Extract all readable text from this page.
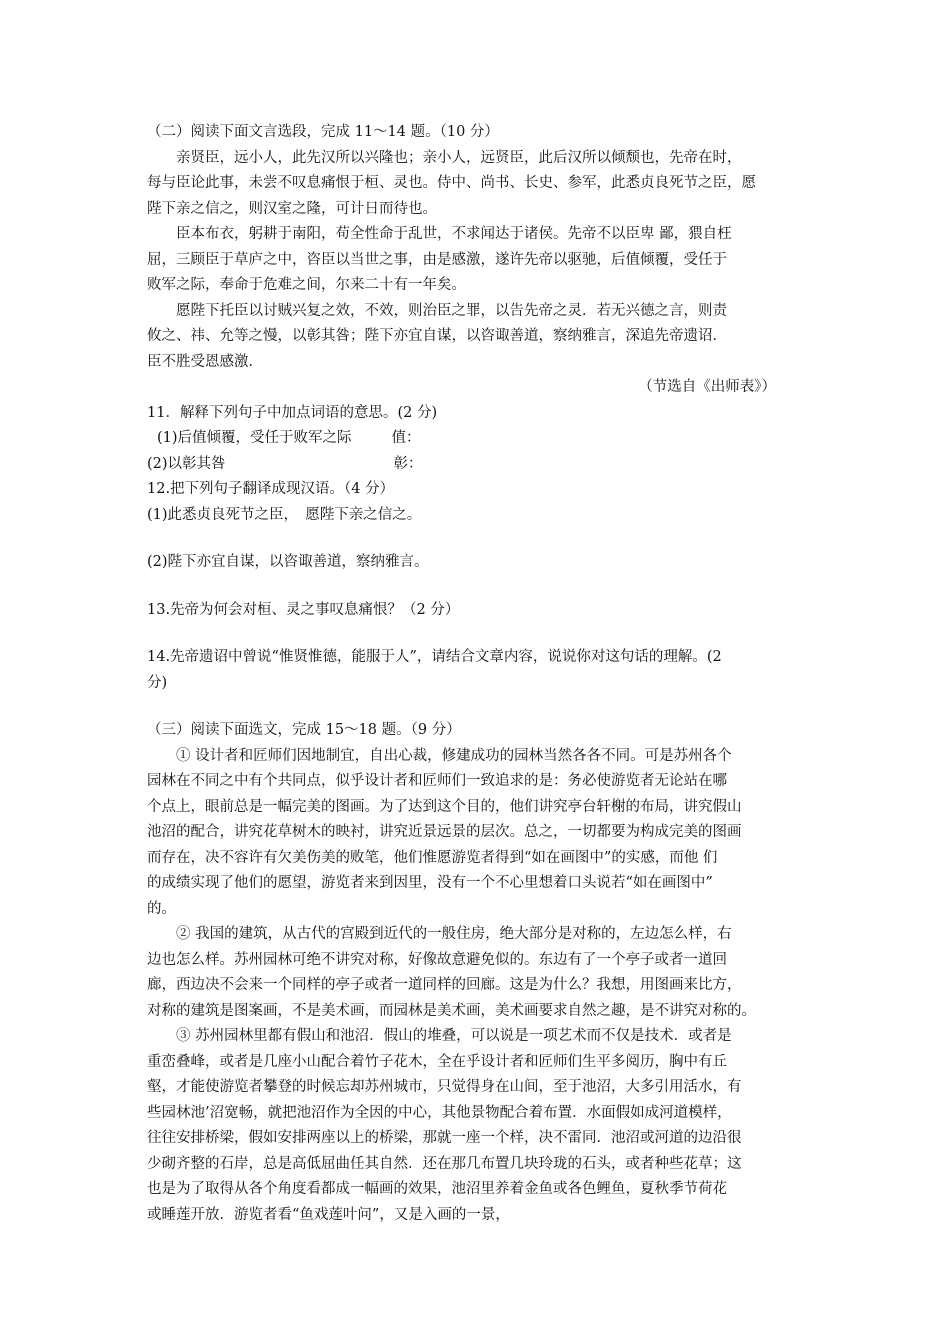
（二）阅读下面文言选段，完成 11～14 题。（10 分）

亲贤臣，远小人，此先汉所以兴隆也；亲小人，远贤臣，此后汉所以倾颓也，先帝在时，

每与臣论此事，未尝不叹息痛恨于桓、灵也。侍中、尚书、长史、参军，此悉贞良死节之臣，愿

陛下亲之信之，则汉室之隆，可计日而待也。

臣本布衣，躬耕于南阳，苟全性命于乱世，不求闻达于诸侯。先帝不以臣卑 鄙，猥自枉

屈，三顾臣于草庐之中，咨臣以当世之事，由是感激，遂许先帝以驱驰，后值倾覆，受任于

败军之际，奉命于危难之间，尔来二十有一年矣。

愿陛下托臣以讨贼兴复之效，不效，则治臣之罪，以告先帝之灵．若无兴德之言，则责

攸之、祎、允等之慢，以彰其咎；陛下亦宜自谋，以咨诹善道，察纳雅言，深追先帝遗诏．

臣不胜受恩感激．

（节选自《出师表》）

11．解释下列句子中加点词语的意思。(2 分)

(1)后值倾覆，受任于败军之际	值：

(2)以彰其咎	彰：

12.把下列句子翻译成现汉语。（4 分）

(1)此悉贞良死节之臣，　愿陛下亲之信之。

(2)陛下亦宜自谋，以咨诹善道，察纳雅言。

13.先帝为何会对桓、灵之事叹息痛恨？（2 分）

14.先帝遗诏中曾说“惟贤惟德，能服于人”，请结合文章内容，说说你对这句话的理解。(2

分)

（三）阅读下面选文，完成 15～18 题。（9 分）

① 设计者和匠师们因地制宜，自出心裁，修建成功的园林当然各各不同。可是苏州各个

园林在不同之中有个共同点，似乎设计者和匠师们一致追求的是：务必使游览者无论站在哪

个点上，眼前总是一幅完美的图画。为了达到这个目的，他们讲究亭台轩榭的布局，讲究假山

池沼的配合，讲究花草树木的映衬，讲究近景远景的层次。总之，一切都要为构成完美的图画

而存在，决不容许有欠美伤美的败笔，他们惟愿游览者得到“如在画图中”的实感，而他 们

的成绩实现了他们的愿望，游览者来到因里，没有一个不心里想着口头说若“如在画图中”

的。

② 我国的建筑，从古代的宫殿到近代的一般住房，绝大部分是对称的，左边怎么样，右

边也怎么样。苏州园林可绝不讲究对称，好像故意避免似的。东边有了一个亭子或者一道回

廊，西边决不会来一个同样的亭子或者一道同样的回廊。这是为什么？我想，用图画来比方，

对称的建筑是图案画，不是美术画，而园林是美术画，美术画要求自然之趣，是不讲究对称的。

③ 苏州园林里都有假山和池沼．假山的堆叠，可以说是一项艺术而不仅是技术．或者是

重峦叠峰，或者是几座小山配合着竹子花木，全在乎设计者和匠师们生平多阅历，胸中有丘

壑，才能使游览者攀登的时候忘却苏州城市，只觉得身在山间，至于池沼，大多引用活水，有

些园林池’沼宽畅，就把池沼作为全因的中心，其他景物配合着布置．水面假如成河道模样，

往往安排桥梁，假如安排两座以上的桥梁，那就一座一个样，决不雷同．池沼或河道的边沿很

少砌齐整的石岸，总是高低屈曲任其自然．还在那几布置几块玲珑的石头，或者种些花草；这

也是为了取得从各个角度看都成一幅画的效果，池沼里养着金鱼或各色鲤鱼，夏秋季节荷花

或睡莲开放．游览者看“鱼戏莲叶问”，又是入画的一景，
